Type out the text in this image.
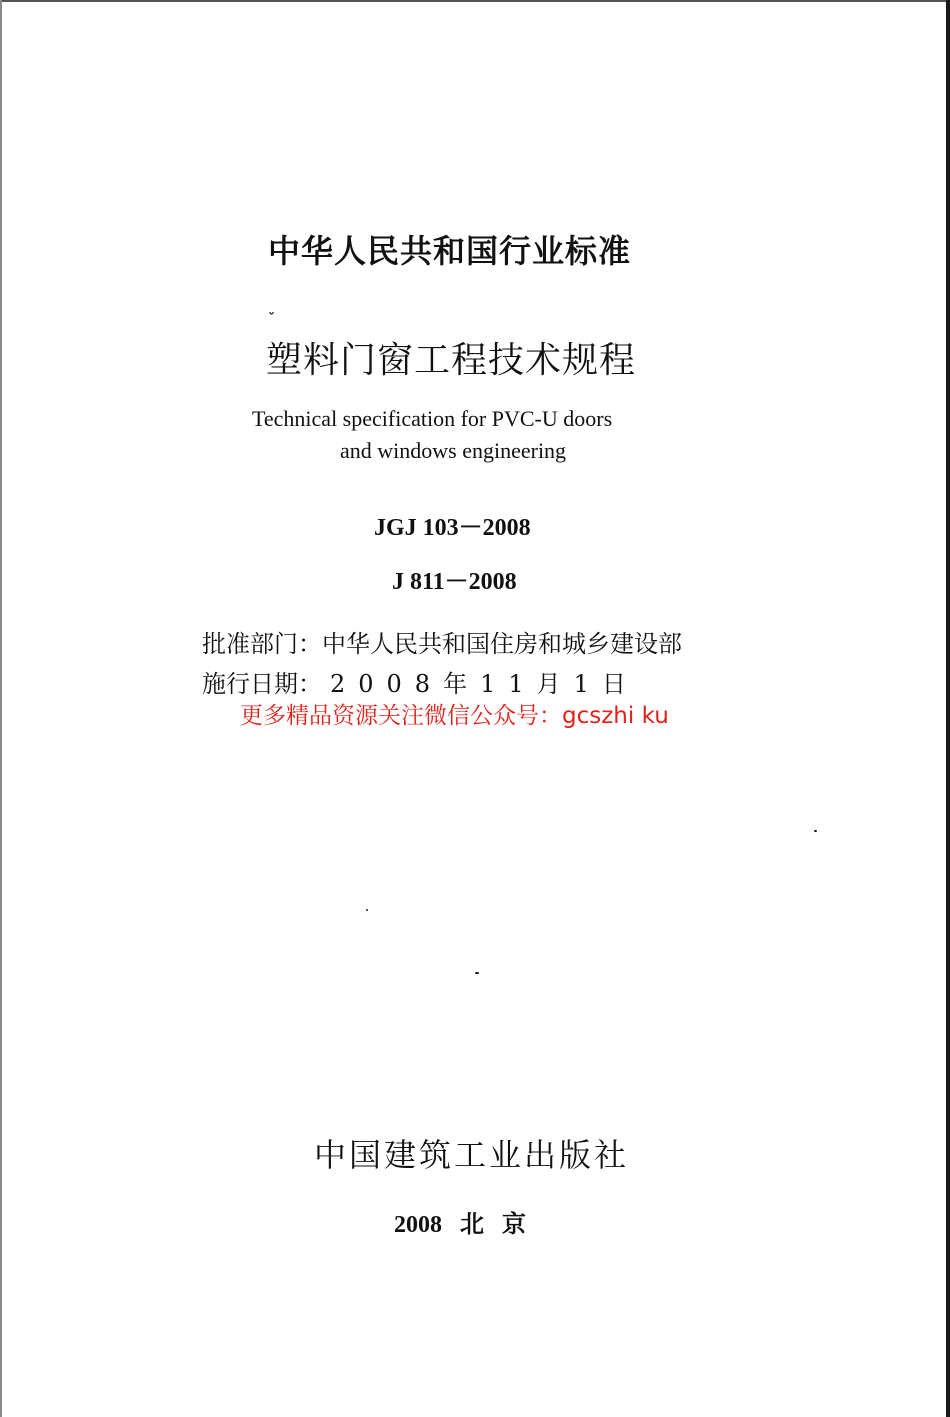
中华人民共和国行业标准
ˇ
塑料门窗工程技术规程
Technical specification for PVC-U doors
and windows engineering
JGJ 103－2008
J 811－2008
批准部门：中华人民共和国住房和城乡建设部
施行日期： 2008年11月1日
更多精品资源关注微信公众号：gcszhi ku
中国建筑工业出版社
2008 北 京
